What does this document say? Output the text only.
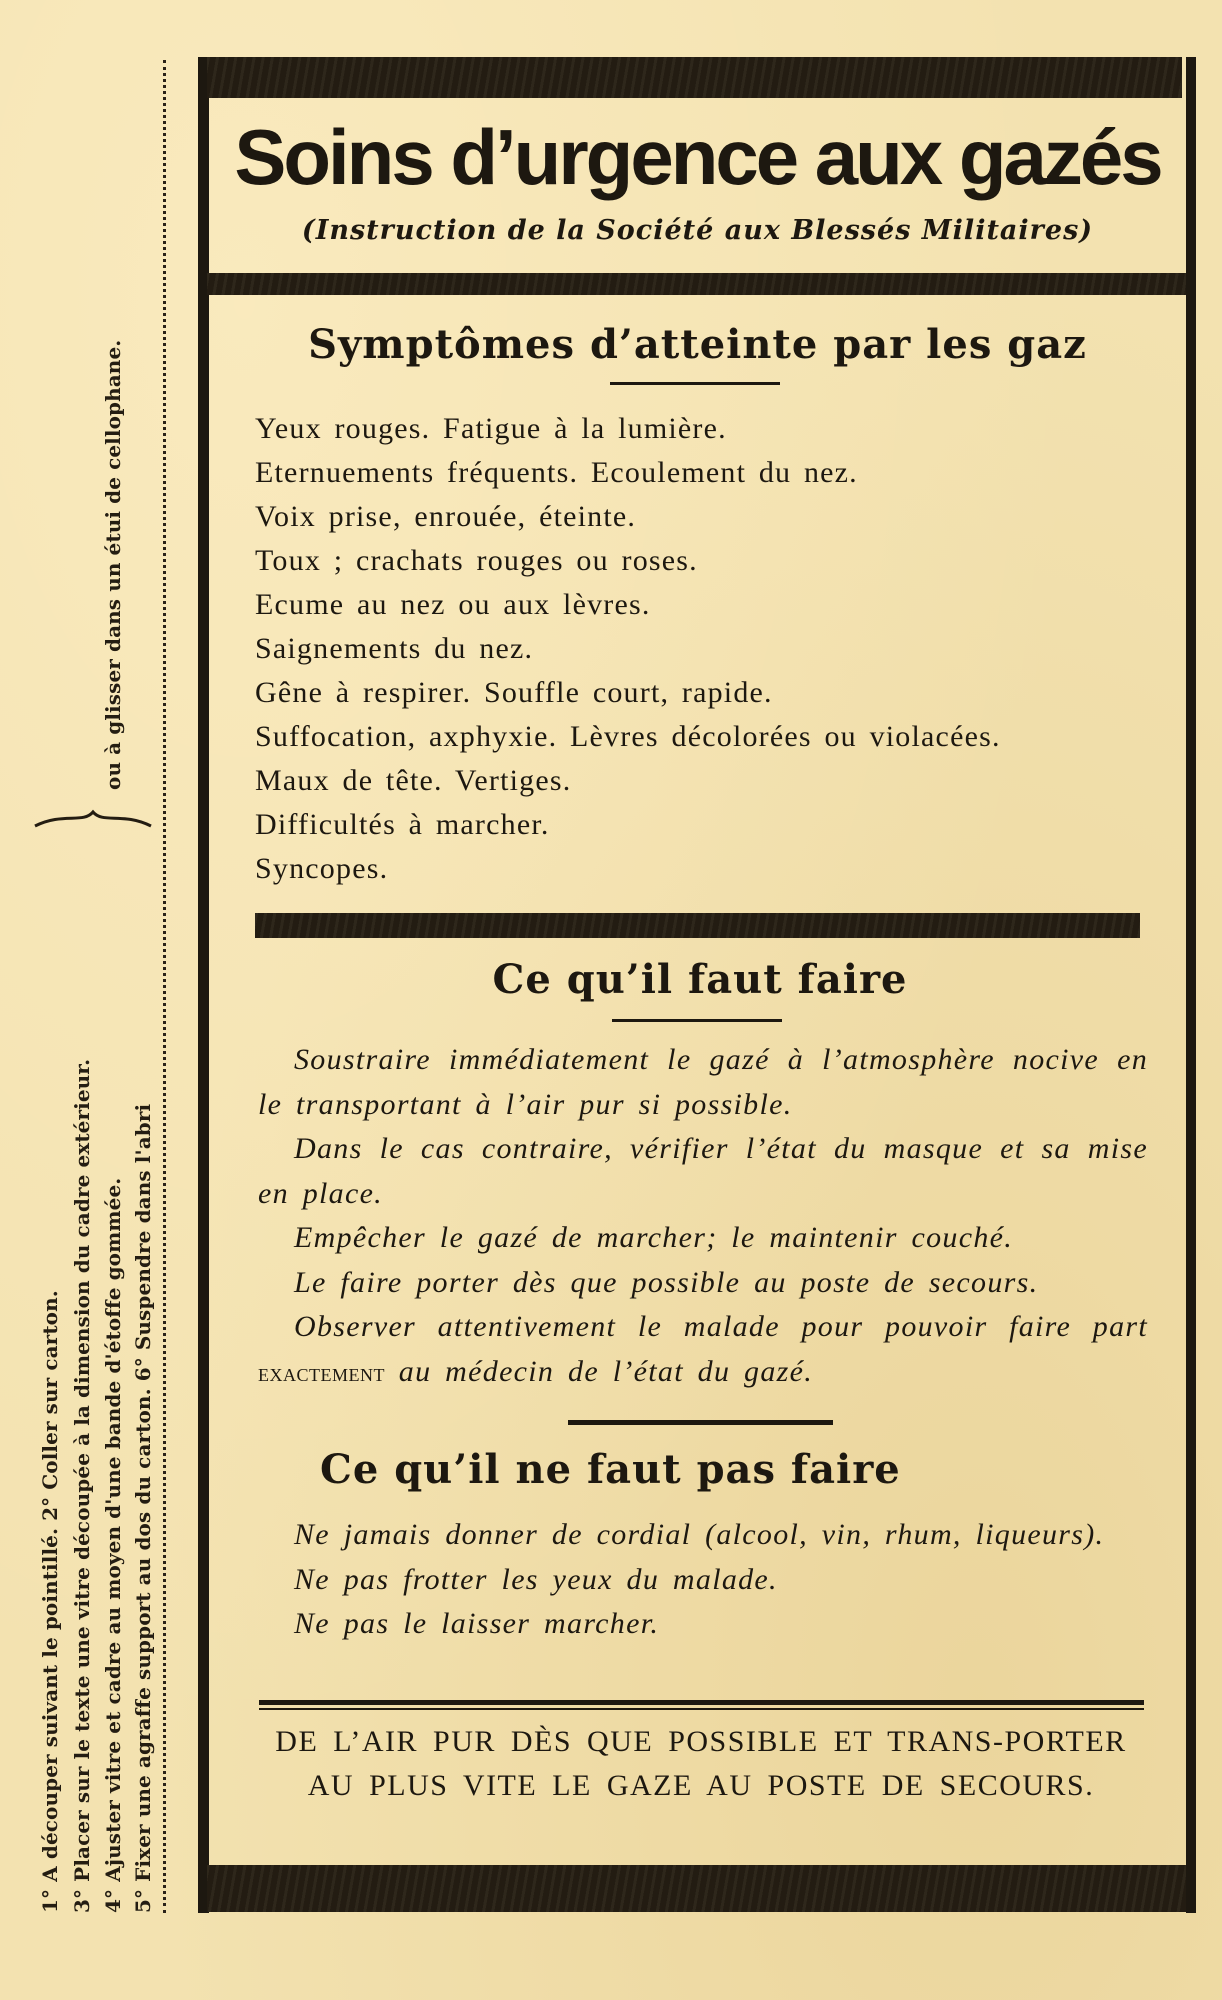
1° A découper suivant le pointillé. 2° Coller sur carton. 3° Placer sur le texte une vitre découpée à la dimension du cadre extérieur. 4° Ajuster vitre et cadre au moyen d'une bande d'étoffe gommée. 5° Fixer une agraffe support au dos du carton. 6° Suspendre dans l'abri
ou à glisser dans un étui de cellophane.
Soins d’urgence aux gazés
(Instruction de la Société aux Blessés Militaires)
Symptômes d’atteinte par les gaz
Yeux rouges. Fatigue à la lumière.
Eternuements fréquents. Ecoulement du nez.
Voix prise, enrouée, éteinte.
Toux ; crachats rouges ou roses.
Ecume au nez ou aux lèvres.
Saignements du nez.
Gêne à respirer. Souffle court, rapide.
Suffocation, axphyxie. Lèvres décolorées ou violacées.
Maux de tête. Vertiges.
Difficultés à marcher.
Syncopes.
Ce qu’il faut faire

Soustraire immédiatement le gazé à l’atmosphère nocive en le transportant à l’air pur si possible.

Dans le cas contraire, vérifier l’état du masque et sa mise en place.

Empêcher le gazé de marcher; le maintenir couché.

Le faire porter dès que possible au poste de secours.

Observer attentivement le malade pour pouvoir faire part exactement au médecin de l’état du gazé.

Ce qu’il ne faut pas faire

Ne jamais donner de cordial (alcool, vin, rhum, liqueurs).

Ne pas frotter les yeux du malade.

Ne pas le laisser marcher.

DE L’AIR PUR DÈS QUE POSSIBLE ET TRANS-PORTER AU PLUS VITE LE GAZE AU POSTE DE SECOURS.
